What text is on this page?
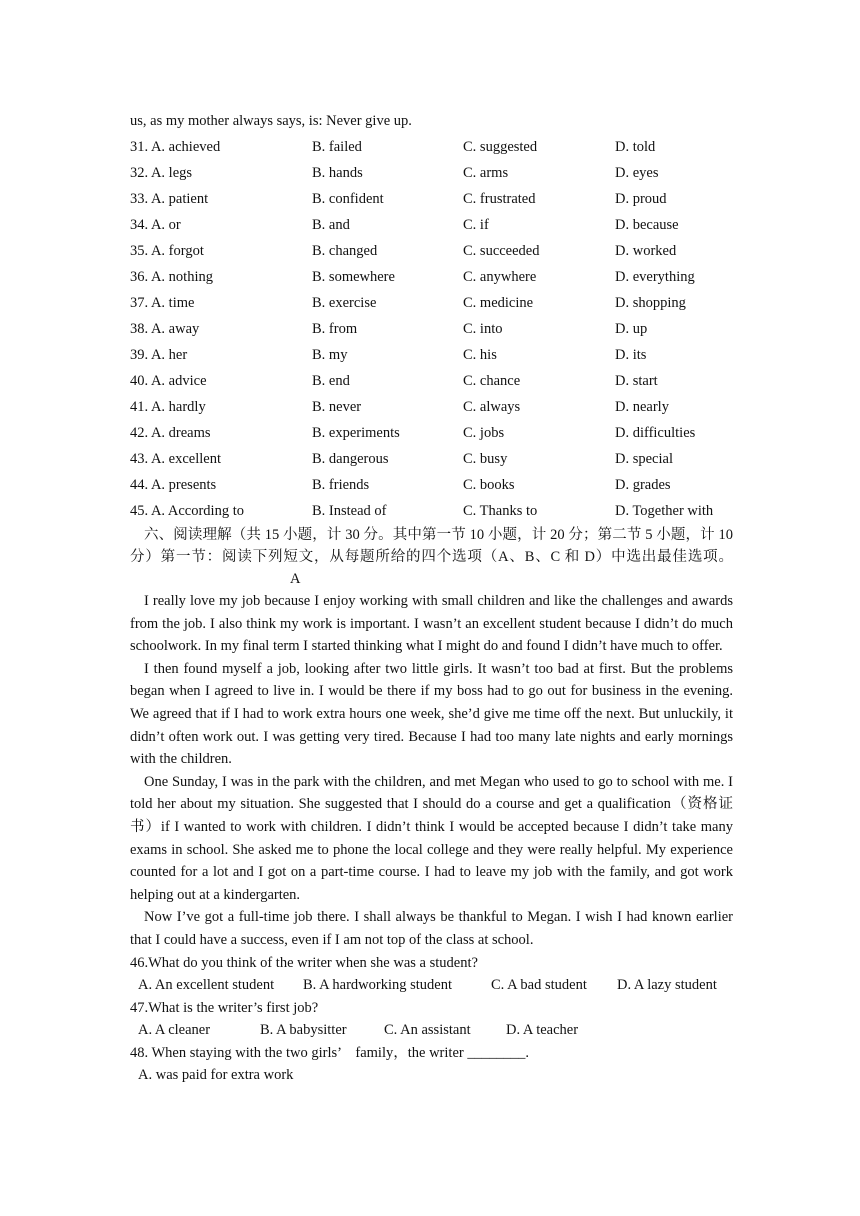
us, as my mother always says, is: Never give up.
31. A. achieved	B. failed	C. suggested	D. told
32. A. legs	B. hands	C. arms	D. eyes
33. A. patient	B. confident	C. frustrated	D. proud
34. A. or	B. and	C. if	D. because
35. A. forgot	B. changed	C. succeeded	D. worked
36. A. nothing	B. somewhere	C. anywhere	D. everything
37. A. time	B. exercise	C. medicine	D. shopping
38. A. away	B. from	C. into	D. up
39. A. her	B. my	C. his	D. its
40. A. advice	B. end	C. chance	D. start
41. A. hardly	B. never	C. always	D. nearly
42. A. dreams	B. experiments	C. jobs	D. difficulties
43. A. excellent	B. dangerous	C. busy	D. special
44. A. presents	B. friends	C. books	D. grades
45. A. According to	B. Instead of	C. Thanks to	D. Together with
六、阅读理解（共 15 小题，计 30 分。其中第一节 10 小题，计 20 分；第二节 5 小题，计 10 分）第一节：阅读下列短文，从每题所给的四个选项（A、B、C 和 D）中选出最佳选项。A

I really love my job because I enjoy working with small children and like the challenges and awards from the job. I also think my work is important. I wasn’t an excellent student because I didn’t do much schoolwork. In my final term I started thinking what I might do and found I didn’t have much to offer.

I then found myself a job, looking after two little girls. It wasn’t too bad at first. But the problems began when I agreed to live in. I would be there if my boss had to go out for business in the evening. We agreed that if I had to work extra hours one week, she’d give me time off the next. But unluckily, it didn’t often work out. I was getting very tired. Because I had too many late nights and early mornings with the children.

One Sunday, I was in the park with the children, and met Megan who used to go to school with me. I told her about my situation. She suggested that I should do a course and get a qualification（资格证书）if I wanted to work with children. I didn’t think I would be accepted because I didn’t take many exams in school. She asked me to phone the local college and they were really helpful. My experience counted for a lot and I got on a part-time course. I had to leave my job with the family, and got work helping out at a kindergarten.

Now I’ve got a full-time job there. I shall always be thankful to Megan. I wish I had known earlier that I could have a success, even if I am not top of the class at school.

46.What do you think of the writer when she was a student?
A. An excellent student B. A hardworking student	C. A bad student D. A lazy student
47.What is the writer’s first job?
A. A cleaner	B. A babysitter	C. An assistant D. A teacher
48. When staying with the two girls’　family，the writer ________.
A. was paid for extra work
